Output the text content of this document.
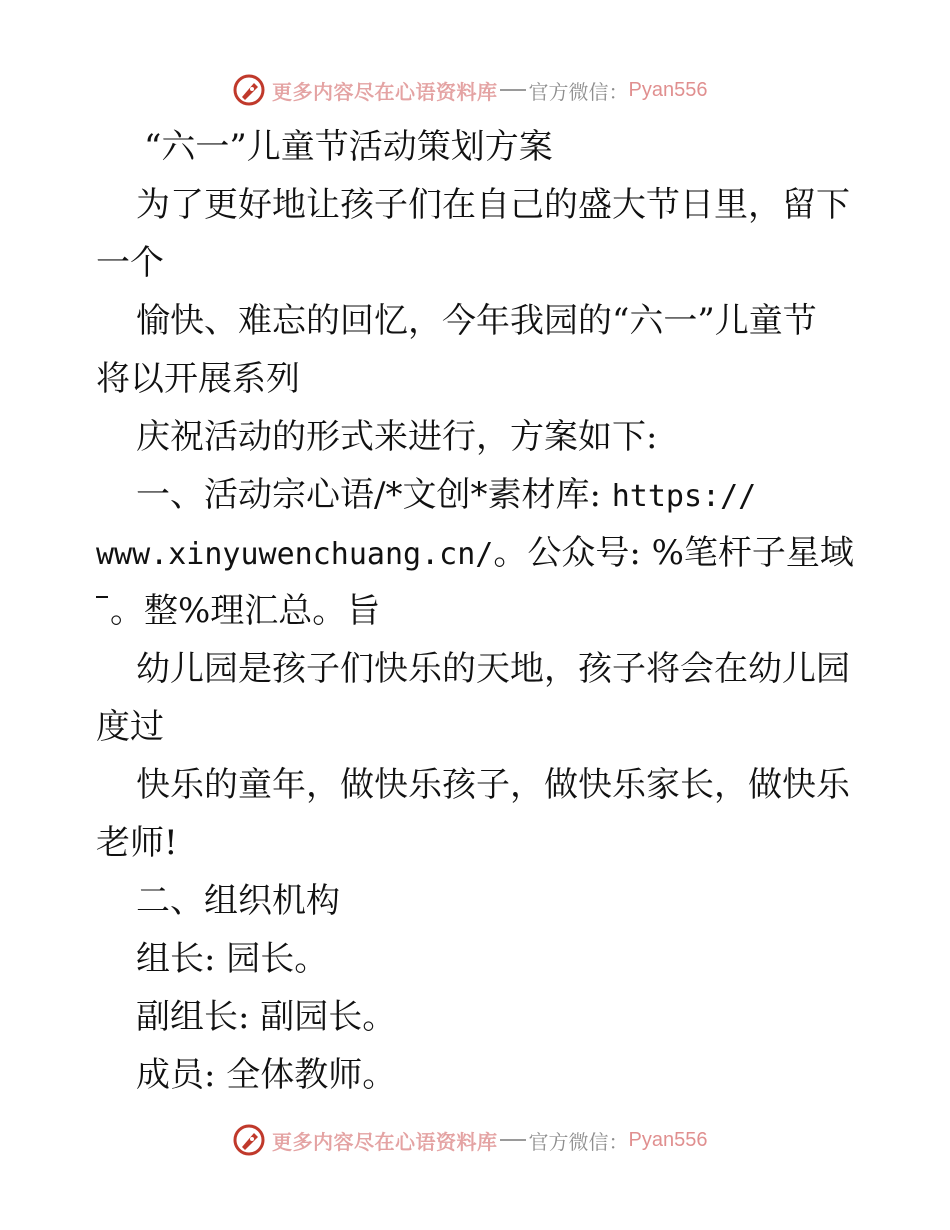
更多内容尽在心语资料库 官方微信： Pyan556
“六一”儿童节活动策划方案
为了更好地让孩子们在自己的盛大节日里，留下
一个
愉快、难忘的回忆，今年我园的“六一”儿童节
将以开展系列
庆祝活动的形式来进行，方案如下:
一、活动宗心语/*文创*素材库: https://
www.xinyuwenchuang.cn/。公众号: %笔杆子星域
。整%理汇总。旨
幼儿园是孩子们快乐的天地，孩子将会在幼儿园
度过
快乐的童年，做快乐孩子，做快乐家长，做快乐
老师!
二、组织机构
组长: 园长。
副组长: 副园长。
成员: 全体教师。
更多内容尽在心语资料库 官方微信： Pyan556
